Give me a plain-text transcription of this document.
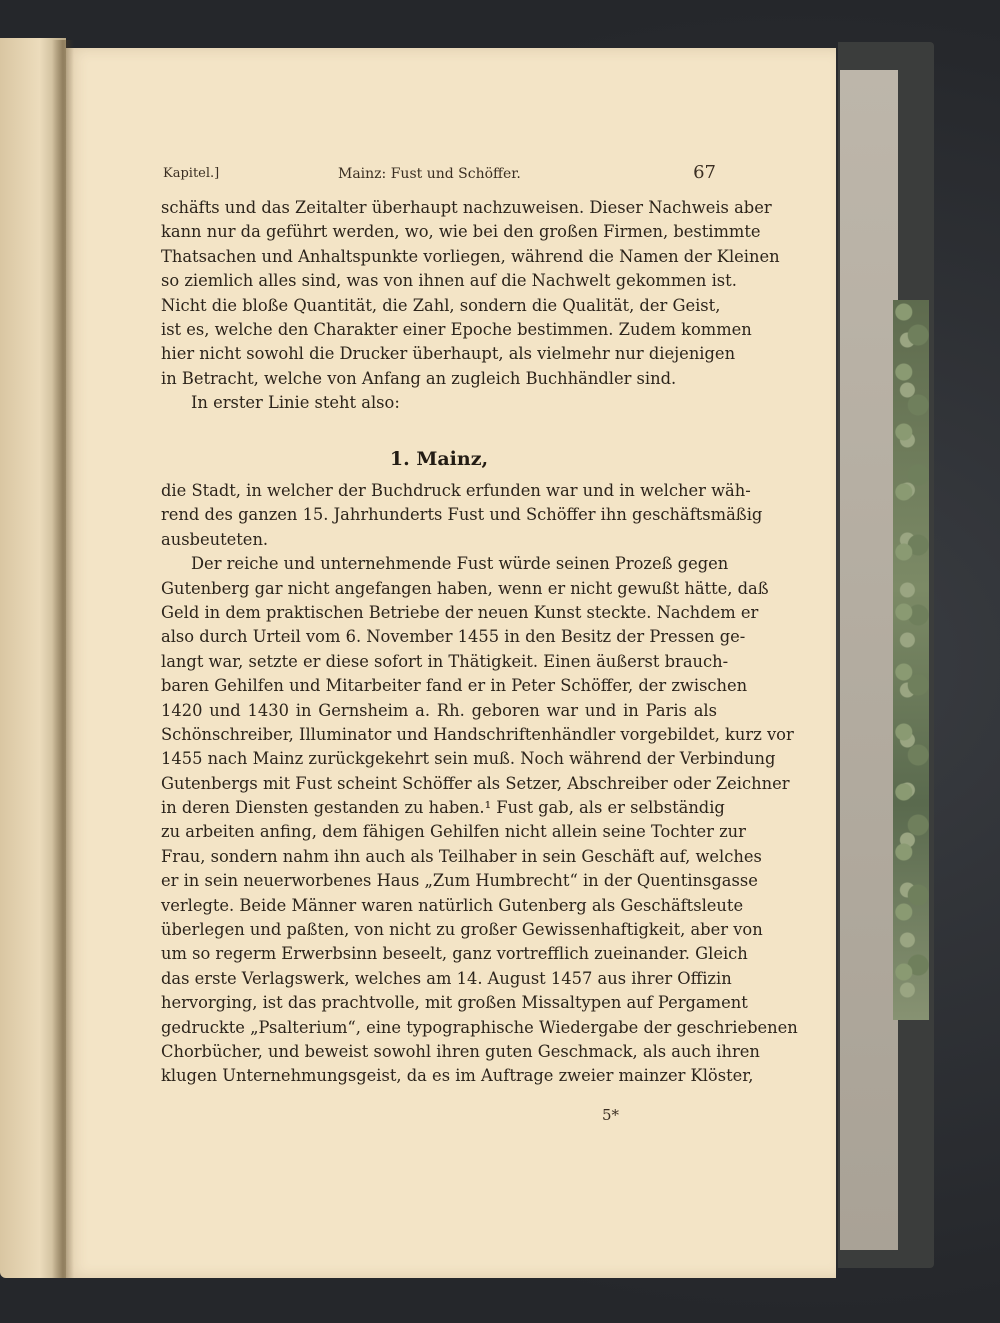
Kapitel.]	Mainz: Fust und Schöffer.	67
schäfts und das Zeitalter überhaupt nachzuweisen. Dieser Nachweis aber
kann nur da geführt werden, wo, wie bei den großen Firmen, bestimmte
Thatsachen und Anhaltspunkte vorliegen, während die Namen der Kleinen
so ziemlich alles sind, was von ihnen auf die Nachwelt gekommen ist.
Nicht die bloße Quantität, die Zahl, sondern die Qualität, der Geist,
ist es, welche den Charakter einer Epoche bestimmen. Zudem kommen
hier nicht sowohl die Drucker überhaupt, als vielmehr nur diejenigen
in Betracht, welche von Anfang an zugleich Buchhändler sind.
In erster Linie steht also:
1. Mainz,
die Stadt, in welcher der Buchdruck erfunden war und in welcher wäh-
rend des ganzen 15. Jahrhunderts Fust und Schöffer ihn geschäftsmäßig
ausbeuteten.
Der reiche und unternehmende Fust würde seinen Prozeß gegen
Gutenberg gar nicht angefangen haben, wenn er nicht gewußt hätte, daß
Geld in dem praktischen Betriebe der neuen Kunst steckte. Nachdem er
also durch Urteil vom 6. November 1455 in den Besitz der Pressen ge-
langt war, setzte er diese sofort in Thätigkeit. Einen äußerst brauch-
baren Gehilfen und Mitarbeiter fand er in Peter Schöffer, der zwischen
1420 und 1430 in Gernsheim a. Rh. geboren war und in Paris als
Schönschreiber, Illuminator und Handschriftenhändler vorgebildet, kurz vor
1455 nach Mainz zurückgekehrt sein muß. Noch während der Verbindung
Gutenbergs mit Fust scheint Schöffer als Setzer, Abschreiber oder Zeichner
in deren Diensten gestanden zu haben.¹ Fust gab, als er selbständig
zu arbeiten anfing, dem fähigen Gehilfen nicht allein seine Tochter zur
Frau, sondern nahm ihn auch als Teilhaber in sein Geschäft auf, welches
er in sein neuerworbenes Haus „Zum Humbrecht“ in der Quentinsgasse
verlegte. Beide Männer waren natürlich Gutenberg als Geschäftsleute
überlegen und paßten, von nicht zu großer Gewissenhaftigkeit, aber von
um so regerm Erwerbsinn beseelt, ganz vortrefflich zueinander. Gleich
das erste Verlagswerk, welches am 14. August 1457 aus ihrer Offizin
hervorging, ist das prachtvolle, mit großen Missaltypen auf Pergament
gedruckte „Psalterium“, eine typographische Wiedergabe der geschriebenen
Chorbücher, und beweist sowohl ihren guten Geschmack, als auch ihren
klugen Unternehmungsgeist, da es im Auftrage zweier mainzer Klöster,
5*
